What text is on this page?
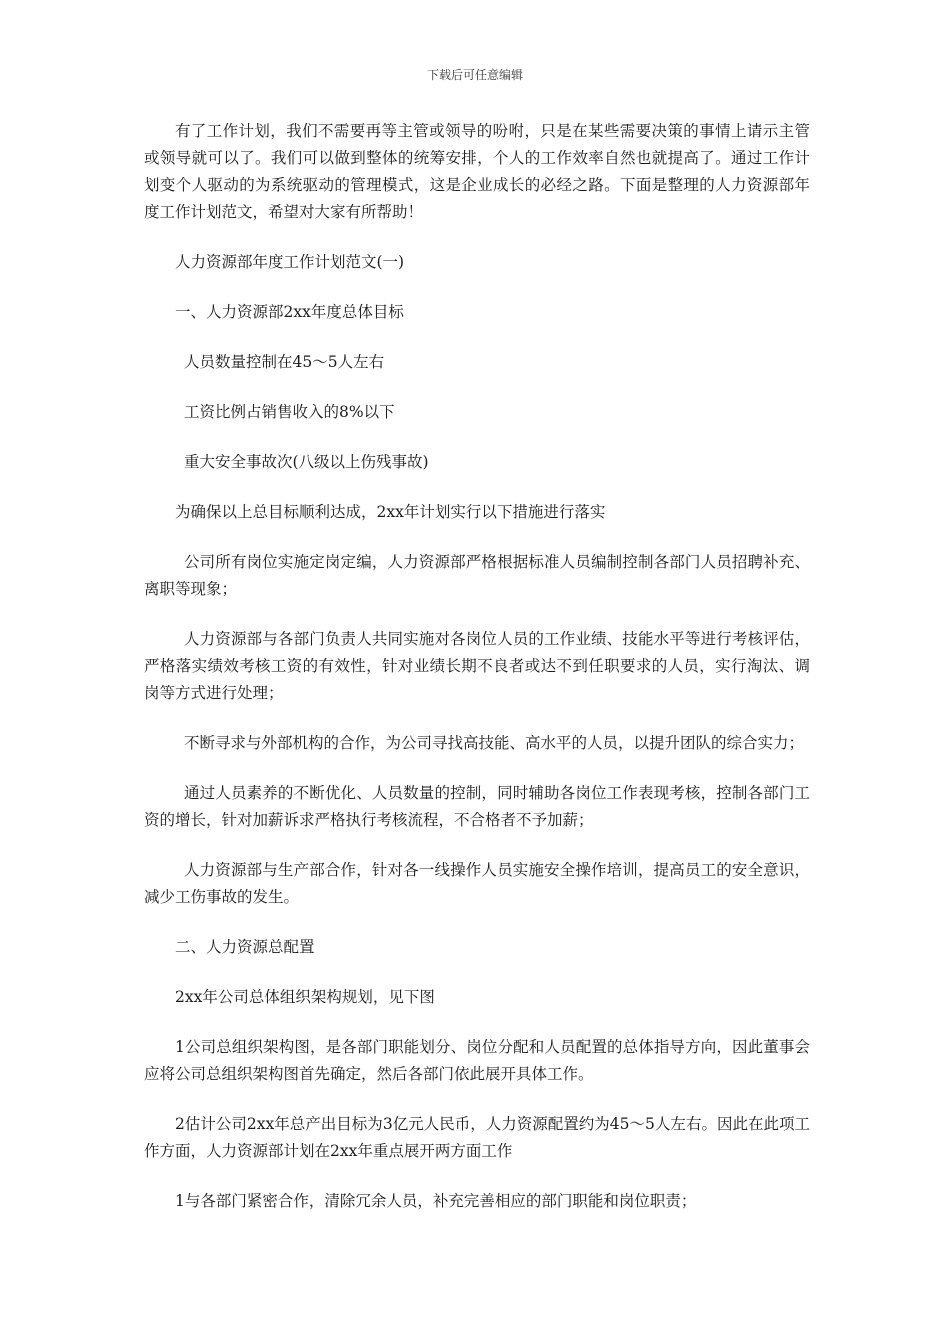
下载后可任意编辑

有了工作计划，我们不需要再等主管或领导的吩咐，只是在某些需要决策的事情上请示主管或领导就可以了。我们可以做到整体的统筹安排，个人的工作效率自然也就提高了。通过工作计划变个人驱动的为系统驱动的管理模式，这是企业成长的必经之路。下面是整理的人力资源部年度工作计划范文，希望对大家有所帮助！

人力资源部年度工作计划范文(一)

一、人力资源部2xx年度总体目标

人员数量控制在45～5人左右

工资比例占销售收入的8%以下

重大安全事故次(八级以上伤残事故)

为确保以上总目标顺利达成，2xx年计划实行以下措施进行落实

公司所有岗位实施定岗定编，人力资源部严格根据标准人员编制控制各部门人员招聘补充、离职等现象；

人力资源部与各部门负责人共同实施对各岗位人员的工作业绩、技能水平等进行考核评估，严格落实绩效考核工资的有效性，针对业绩长期不良者或达不到任职要求的人员，实行淘汰、调岗等方式进行处理；

不断寻求与外部机构的合作，为公司寻找高技能、高水平的人员，以提升团队的综合实力；

通过人员素养的不断优化、人员数量的控制，同时辅助各岗位工作表现考核，控制各部门工资的增长，针对加薪诉求严格执行考核流程，不合格者不予加薪；

人力资源部与生产部合作，针对各一线操作人员实施安全操作培训，提高员工的安全意识，减少工伤事故的发生。

二、人力资源总配置

2xx年公司总体组织架构规划，见下图

1公司总组织架构图，是各部门职能划分、岗位分配和人员配置的总体指导方向，因此董事会应将公司总组织架构图首先确定，然后各部门依此展开具体工作。

2估计公司2xx年总产出目标为3亿元人民币，人力资源配置约为45～5人左右。因此在此项工作方面，人力资源部计划在2xx年重点展开两方面工作

1与各部门紧密合作，清除冗余人员，补充完善相应的部门职能和岗位职责；
